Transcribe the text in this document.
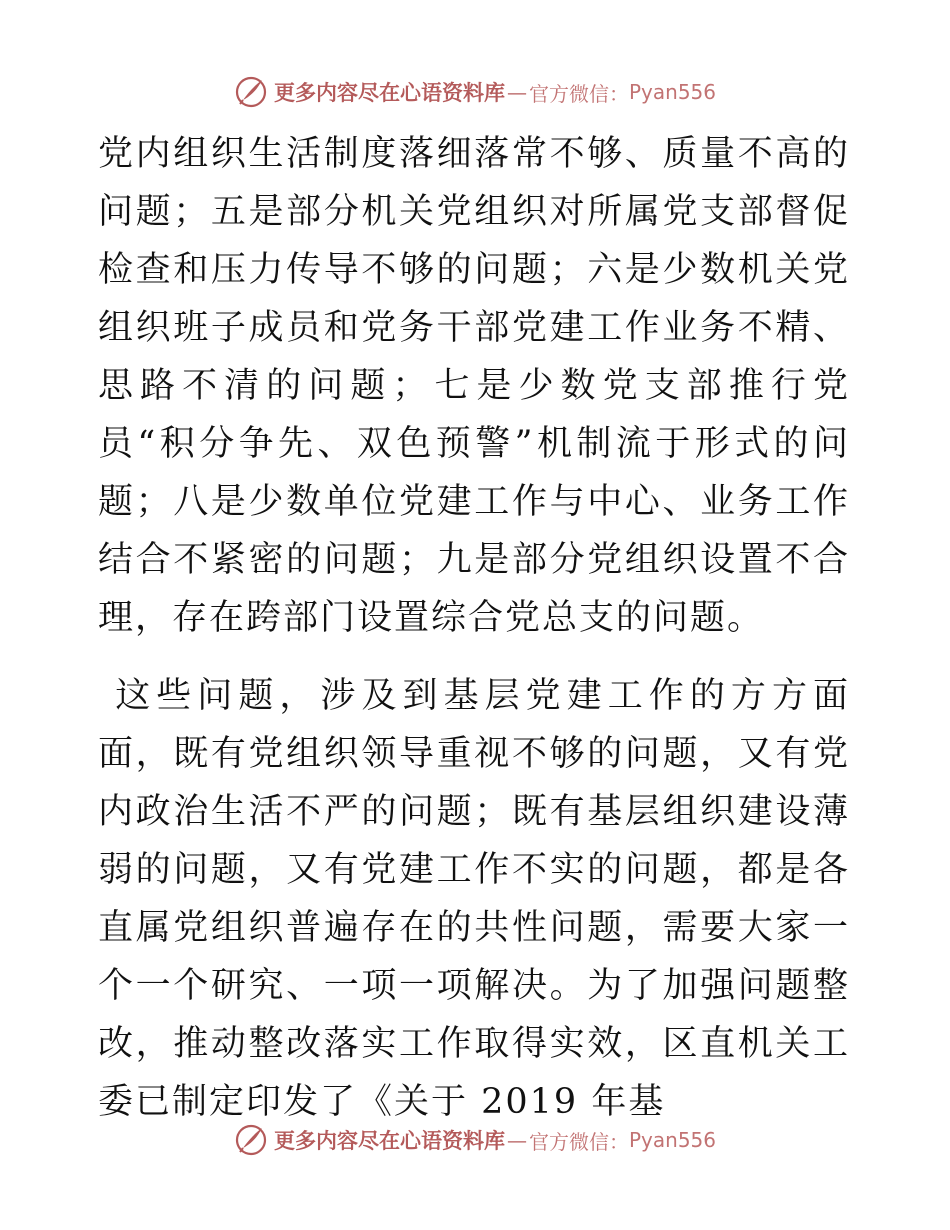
更多内容尽在心语资料库 — 官方微信： Pyan556

党内组织生活制度落细落常不够、质量不高的问题；五是部分机关党组织对所属党支部督促检查和压力传导不够的问题；六是少数机关党组织班子成员和党务干部党建工作业务不精、思路不清的问题；七是少数党支部推行党员“积分争先、双色预警”机制流于形式的问题；八是少数单位党建工作与中心、业务工作结合不紧密的问题；九是部分党组织设置不合理，存在跨部门设置综合党总支的问题。

这些问题，涉及到基层党建工作的方方面面，既有党组织领导重视不够的问题，又有党内政治生活不严的问题；既有基层组织建设薄弱的问题，又有党建工作不实的问题，都是各直属党组织普遍存在的共性问题，需要大家一个一个研究、一项一项解决。为了加强问题整改，推动整改落实工作取得实效，区直机关工委已制定印发了《关于 2019 年基

更多内容尽在心语资料库 — 官方微信： Pyan556
